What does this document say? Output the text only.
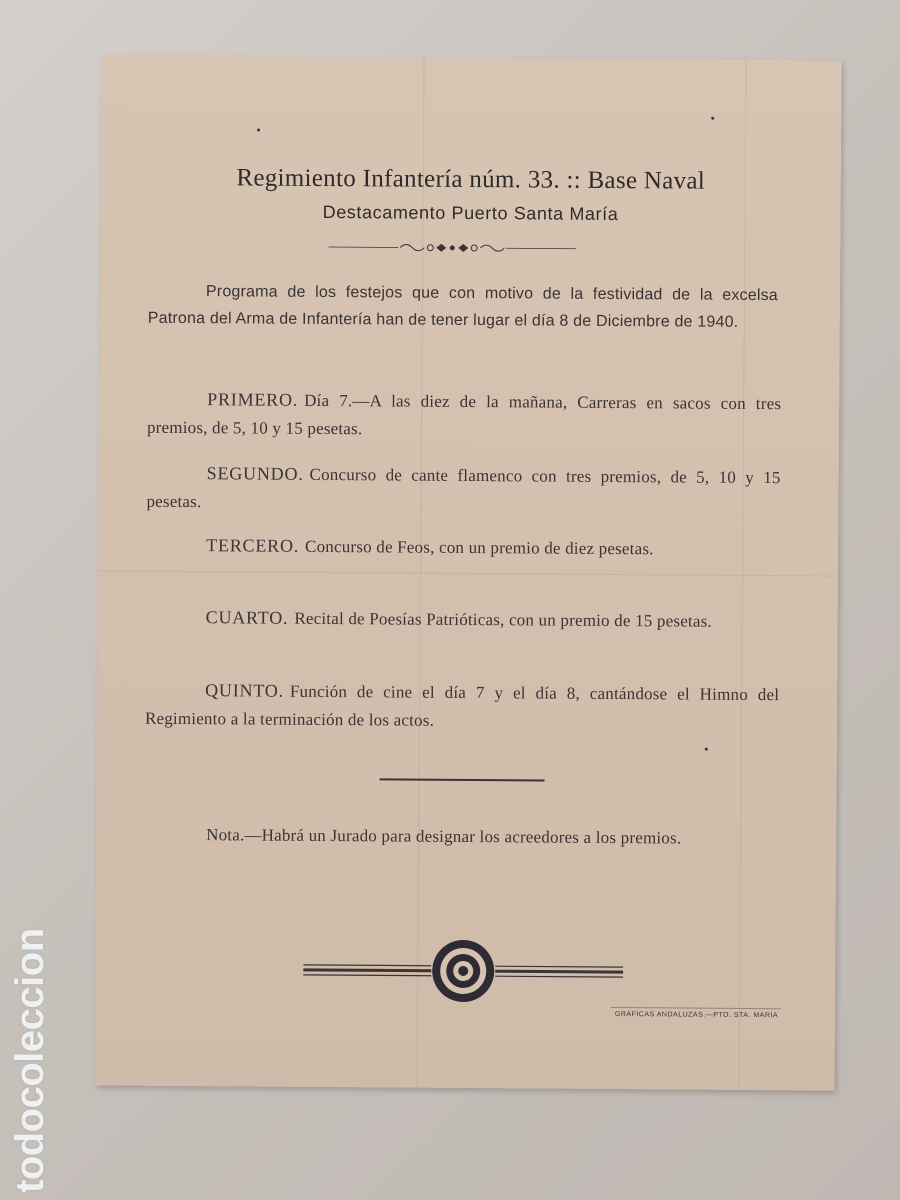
Regimiento Infantería núm. 33. :: Base Naval
Destacamento Puerto Santa María
Programa de los festejos que con motivo de la festividad de la excelsa Patrona del Arma de Infantería han de tener lugar el día 8 de Diciembre de 1940.
PRIMERO. Día 7.—A las diez de la mañana, Carreras en sacos con tres premios, de 5, 10 y 15 pesetas.
SEGUNDO. Concurso de cante flamenco con tres premios, de 5, 10 y 15 pesetas.
TERCERO. Concurso de Feos, con un premio de diez pesetas.
CUARTO. Recital de Poesías Patrióticas, con un premio de 15 pesetas.
QUINTO. Función de cine el día 7 y el día 8, cantándose el Himno del Regimiento a la terminación de los actos.
Nota.—Habrá un Jurado para designar los acreedores a los premios.
GRÁFICAS ANDALUZAS.—PTO. STA. MARÍA
todocoleccion
